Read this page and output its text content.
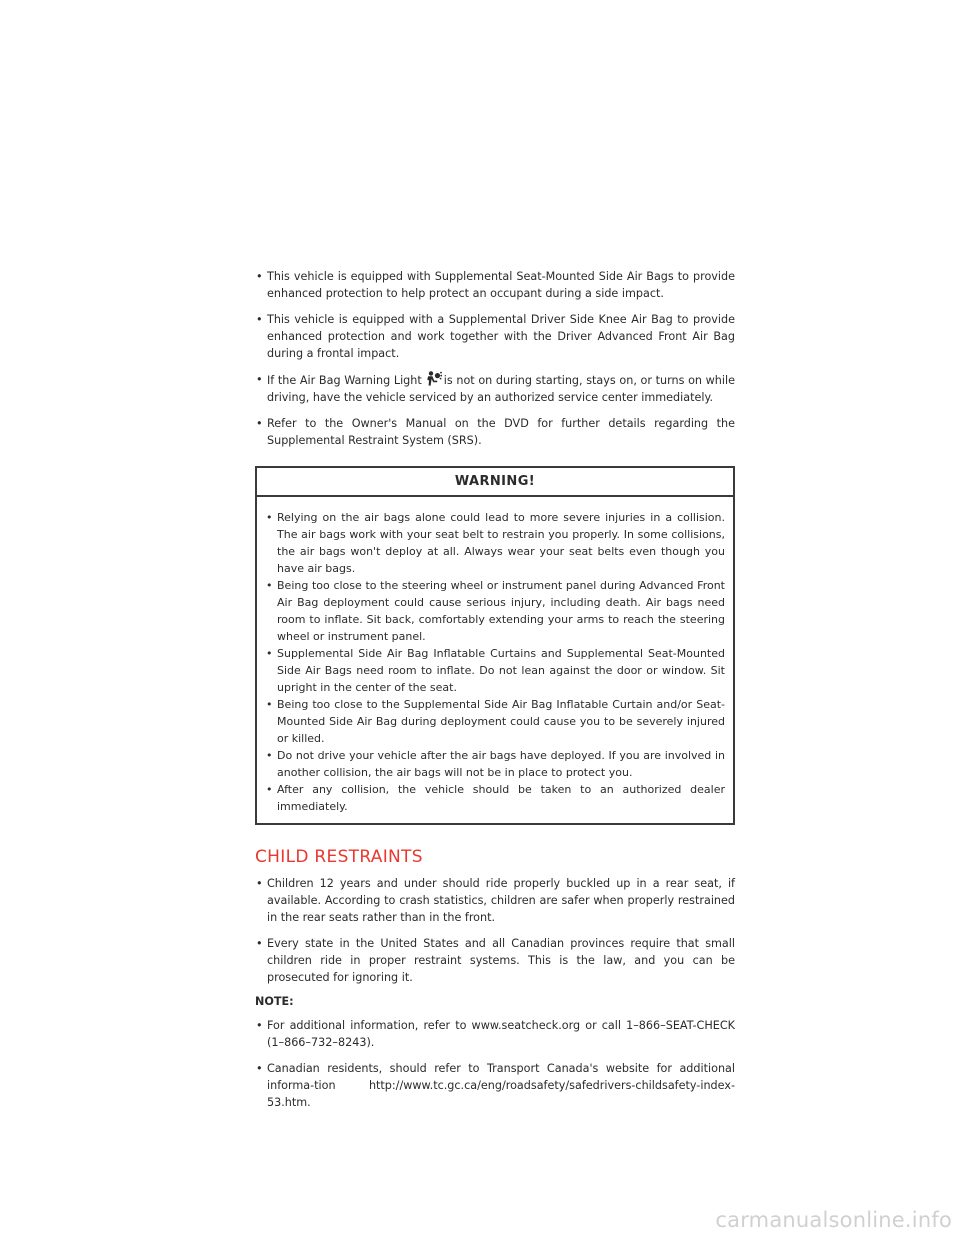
• This vehicle is equipped with Supplemental Seat-Mounted Side Air Bags to provide enhanced protection to help protect an occupant during a side impact.
• This vehicle is equipped with a Supplemental Driver Side Knee Air Bag to provide enhanced protection and work together with the Driver Advanced Front Air Bag during a frontal impact.
• If the Air Bag Warning Light is not on during starting, stays on, or turns on while driving, have the vehicle serviced by an authorized service center immediately.
• Refer to the Owner's Manual on the DVD for further details regarding the Supplemental Restraint System (SRS).
WARNING!
• Relying on the air bags alone could lead to more severe injuries in a collision. The air bags work with your seat belt to restrain you properly. In some collisions, the air bags won't deploy at all. Always wear your seat belts even though you have air bags.
• Being too close to the steering wheel or instrument panel during Advanced Front Air Bag deployment could cause serious injury, including death. Air bags need room to inflate. Sit back, comfortably extending your arms to reach the steering wheel or instrument panel.
• Supplemental Side Air Bag Inflatable Curtains and Supplemental Seat-Mounted Side Air Bags need room to inflate. Do not lean against the door or window. Sit upright in the center of the seat.
• Being too close to the Supplemental Side Air Bag Inflatable Curtain and/or Seat-Mounted Side Air Bag during deployment could cause you to be severely injured or killed.
• Do not drive your vehicle after the air bags have deployed. If you are involved in another collision, the air bags will not be in place to protect you.
• After any collision, the vehicle should be taken to an authorized dealer immediately.
CHILD RESTRAINTS
• Children 12 years and under should ride properly buckled up in a rear seat, if available. According to crash statistics, children are safer when properly restrained in the rear seats rather than in the front.
• Every state in the United States and all Canadian provinces require that small children ride in proper restraint systems. This is the law, and you can be prosecuted for ignoring it.
NOTE:
• For additional information, refer to www.seatcheck.org or call 1–866–SEAT-CHECK (1–866–732–8243).
• Canadian residents, should refer to Transport Canada's website for additional informa-tion http://www.tc.gc.ca/eng/roadsafety/safedrivers-childsafety-index-53.htm.
carmanualsonline.info
